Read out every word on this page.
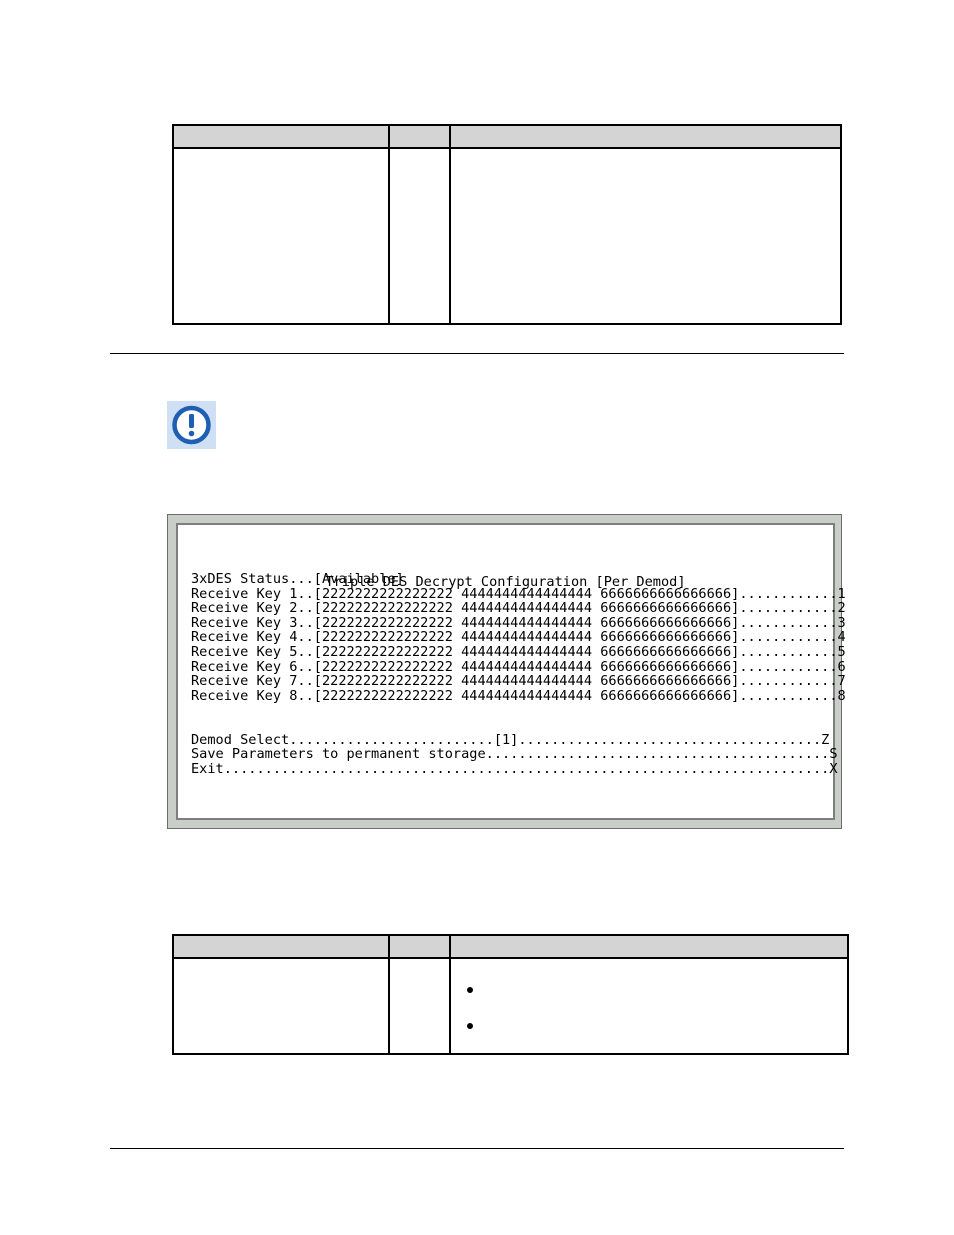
Triple DES Decrypt Configuration [Per Demod]
3xDES Status...[Available]
Receive Key 1..[2222222222222222 4444444444444444 6666666666666666]............1
Receive Key 2..[2222222222222222 4444444444444444 6666666666666666]............2
Receive Key 3..[2222222222222222 4444444444444444 6666666666666666]............3
Receive Key 4..[2222222222222222 4444444444444444 6666666666666666]............4
Receive Key 5..[2222222222222222 4444444444444444 6666666666666666]............5
Receive Key 6..[2222222222222222 4444444444444444 6666666666666666]............6
Receive Key 7..[2222222222222222 4444444444444444 6666666666666666]............7
Receive Key 8..[2222222222222222 4444444444444444 6666666666666666]............8

Demod Select.........................[1].....................................Z
Save Parameters to permanent storage..........................................S
Exit..........................................................................X
